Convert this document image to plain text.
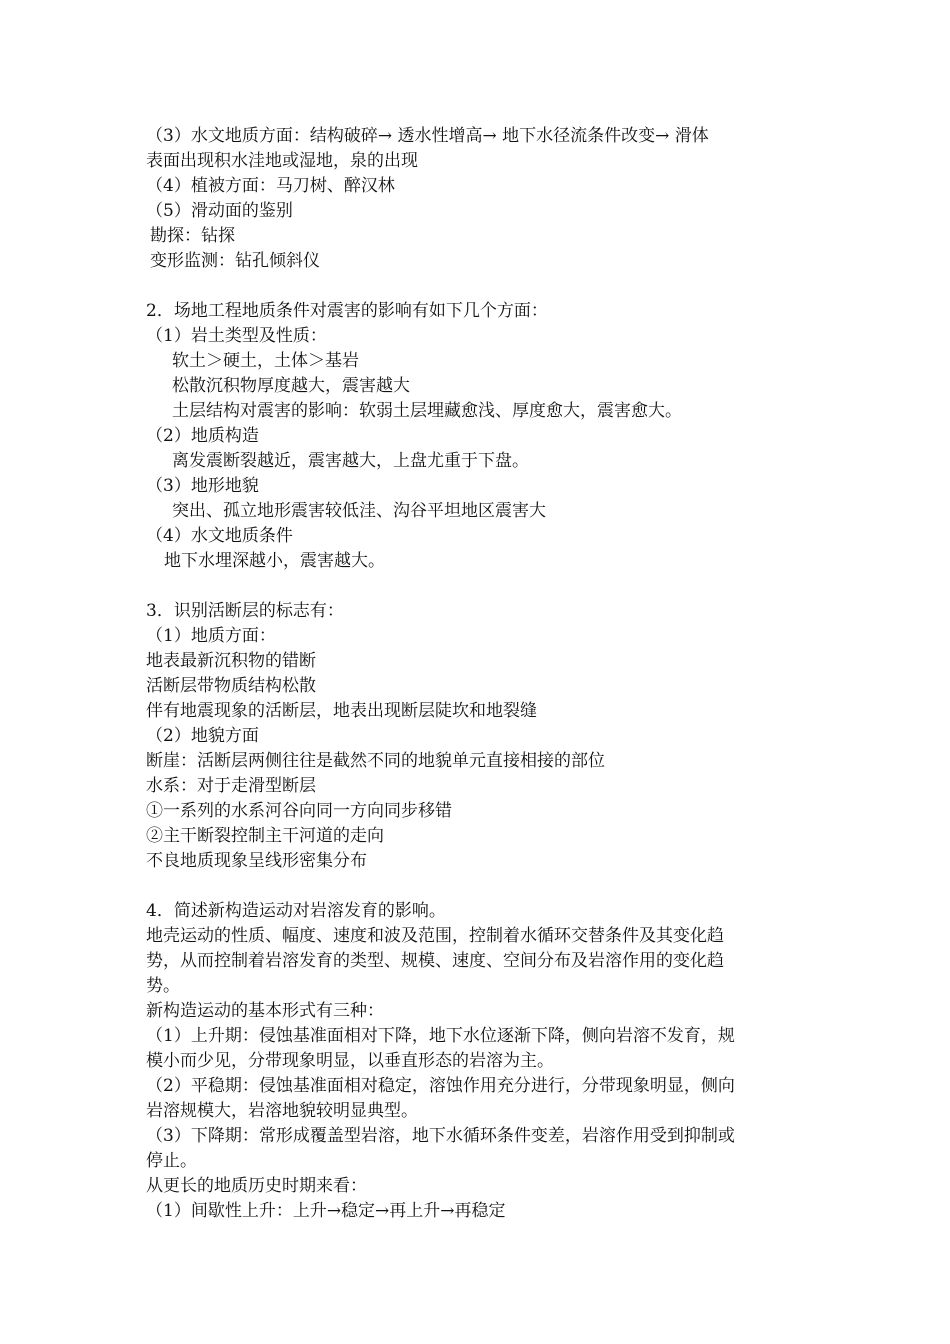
（3）水文地质方面：结构破碎→ 透水性增高→ 地下水径流条件改变→ 滑体
表面出现积水洼地或湿地，泉的出现
（4）植被方面：马刀树、醉汉林
（5）滑动面的鉴别
勘探：钻探
变形监测：钻孔倾斜仪
2．场地工程地质条件对震害的影响有如下几个方面：
（1）岩土类型及性质：
软土＞硬土，土体＞基岩
松散沉积物厚度越大，震害越大
土层结构对震害的影响：软弱土层埋藏愈浅、厚度愈大，震害愈大。
（2）地质构造
离发震断裂越近，震害越大，上盘尤重于下盘。
（3）地形地貌
突出、孤立地形震害较低洼、沟谷平坦地区震害大
（4）水文地质条件
地下水埋深越小，震害越大。
3．识别活断层的标志有：
（1）地质方面：
地表最新沉积物的错断
活断层带物质结构松散
伴有地震现象的活断层，地表出现断层陡坎和地裂缝
（2）地貌方面
断崖：活断层两侧往往是截然不同的地貌单元直接相接的部位
水系：对于走滑型断层
①一系列的水系河谷向同一方向同步移错
②主干断裂控制主干河道的走向
不良地质现象呈线形密集分布
4．简述新构造运动对岩溶发育的影响。
地壳运动的性质、幅度、速度和波及范围，控制着水循环交替条件及其变化趋
势，从而控制着岩溶发育的类型、规模、速度、空间分布及岩溶作用的变化趋
势。
新构造运动的基本形式有三种：
（1）上升期：侵蚀基准面相对下降，地下水位逐渐下降，侧向岩溶不发育，规
模小而少见，分带现象明显，以垂直形态的岩溶为主。
（2）平稳期：侵蚀基准面相对稳定，溶蚀作用充分进行，分带现象明显，侧向
岩溶规模大，岩溶地貌较明显典型。
（3）下降期：常形成覆盖型岩溶，地下水循环条件变差，岩溶作用受到抑制或
停止。
从更长的地质历史时期来看：
（1）间歇性上升：上升→稳定→再上升→再稳定
